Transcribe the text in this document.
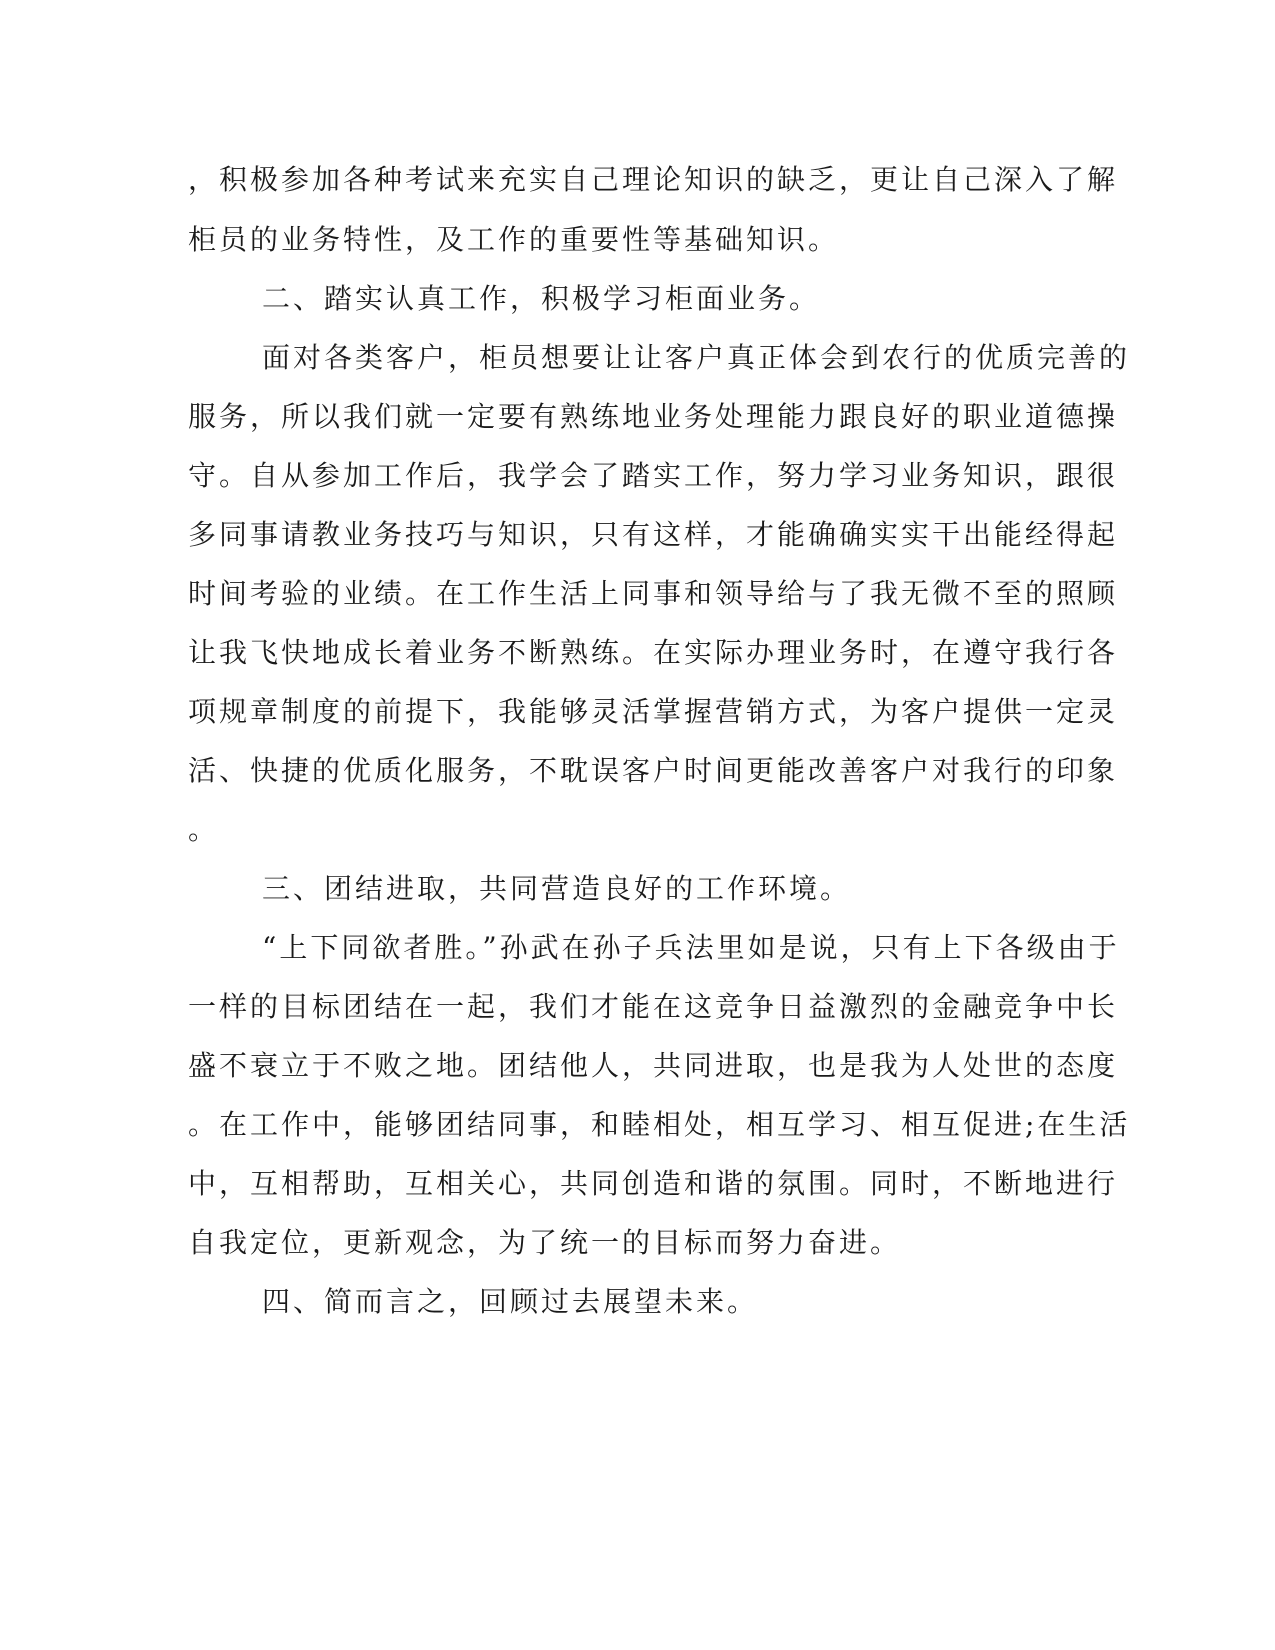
，积极参加各种考试来充实自己理论知识的缺乏，更让自己深入了解
柜员的业务特性，及工作的重要性等基础知识。
二、踏实认真工作，积极学习柜面业务。
面对各类客户，柜员想要让让客户真正体会到农行的优质完善的
服务，所以我们就一定要有熟练地业务处理能力跟良好的职业道德操
守。自从参加工作后，我学会了踏实工作，努力学习业务知识，跟很
多同事请教业务技巧与知识，只有这样，才能确确实实干出能经得起
时间考验的业绩。在工作生活上同事和领导给与了我无微不至的照顾
让我飞快地成长着业务不断熟练。在实际办理业务时，在遵守我行各
项规章制度的前提下，我能够灵活掌握营销方式，为客户提供一定灵
活、快捷的优质化服务，不耽误客户时间更能改善客户对我行的印象
。
三、团结进取，共同营造良好的工作环境。
“上下同欲者胜。”孙武在孙子兵法里如是说，只有上下各级由于
一样的目标团结在一起，我们才能在这竞争日益激烈的金融竞争中长
盛不衰立于不败之地。团结他人，共同进取，也是我为人处世的态度
。在工作中，能够团结同事，和睦相处，相互学习、相互促进;在生活
中，互相帮助，互相关心，共同创造和谐的氛围。同时，不断地进行
自我定位，更新观念，为了统一的目标而努力奋进。
四、简而言之，回顾过去展望未来。
